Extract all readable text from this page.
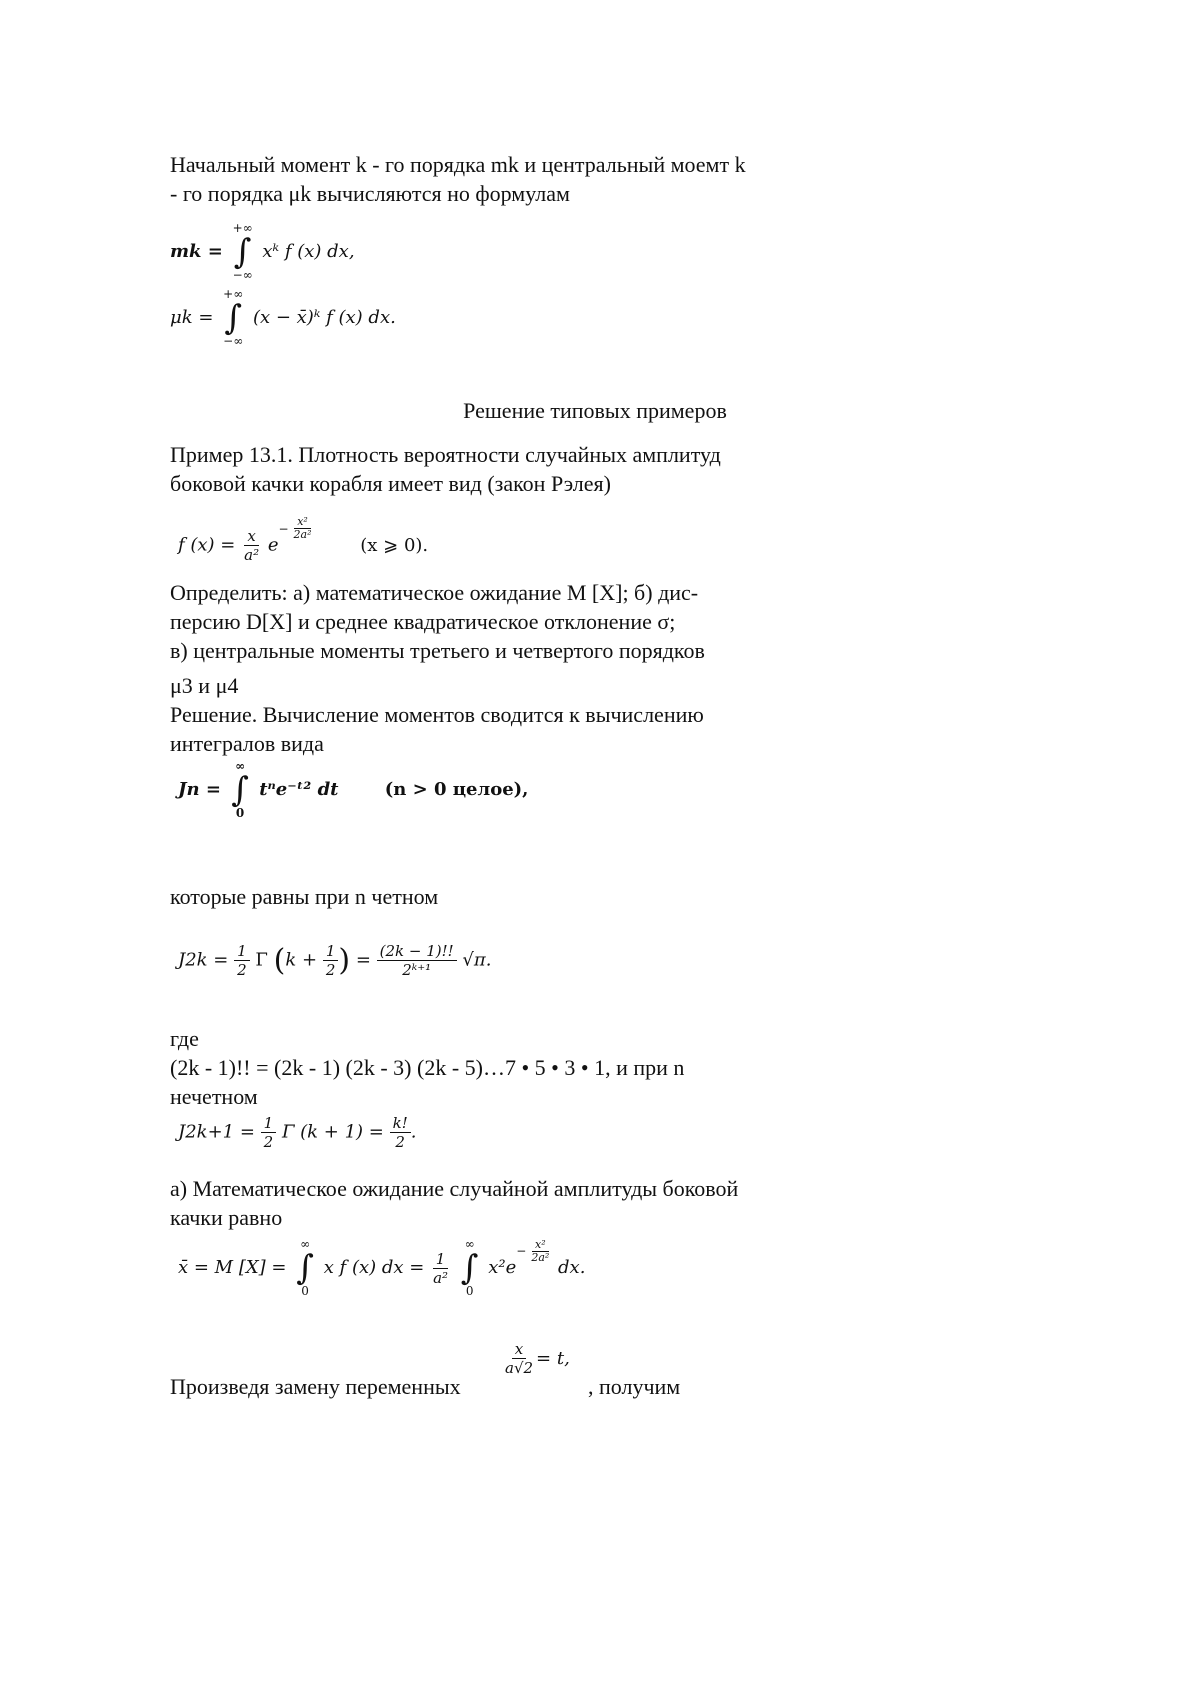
Начальный момент k - го порядка mk и центральный моемт k
- го порядка μk вычисляются но формулам
mk =
+∞
∫
−∞
xᵏ f (x) dx,
μk =
+∞
∫
−∞
(x − x̄)ᵏ f (x) dx.
Решение типовых примеров
Пример 13.1. Плотность вероятности случайных амплитуд
боковой качки корабля имеет вид (закон Рэлея)
f $(x) = \frac{x}{\text{a²}}$ e
− $\frac{\text{x²}}{\text{2a²}}$
(x ⩾ 0).
Определить: а) математическое ожидание М [X]; б) дис-
персию D[X] и среднее квадратическое отклонение σ;
в) центральные моменты третьего и четвертого порядков
μ3 и μ4
Решение. Вычисление моментов сводится к вычислению
интегралов вида
Jn =
∞
∫
0
tⁿe⁻ᵗ² dt	(n > 0 целое),
которые равны при n четном
$J2k = \frac{1}{2}$ Γ ($k + \frac{1}{2}$ ) = $\frac{(2k - 1)!!}{\text{2ᵏ⁺¹}} √\pi$.
где
(2k - 1)!! = (2k - 1) (2k - 3) (2k - 5)…7 • 5 • 3 • 1, и при n
нечетном
$J2k+1 = \frac{1}{2}$ Γ $(k + 1) = \frac{k!}{2}$ .
а) Математическое ожидание случайной амплитуды боковой
качки равно
x̄ = M [X] =
∞
∫
0
x f (x) dx = $\frac{1}{\text{a²}}$

∞
∫
0
x²e
− $\frac{\text{x²}}{\text{2a²}}$
dx.
Произведя замену переменных
$\frac{x}{a√2} = t$,
, получим
